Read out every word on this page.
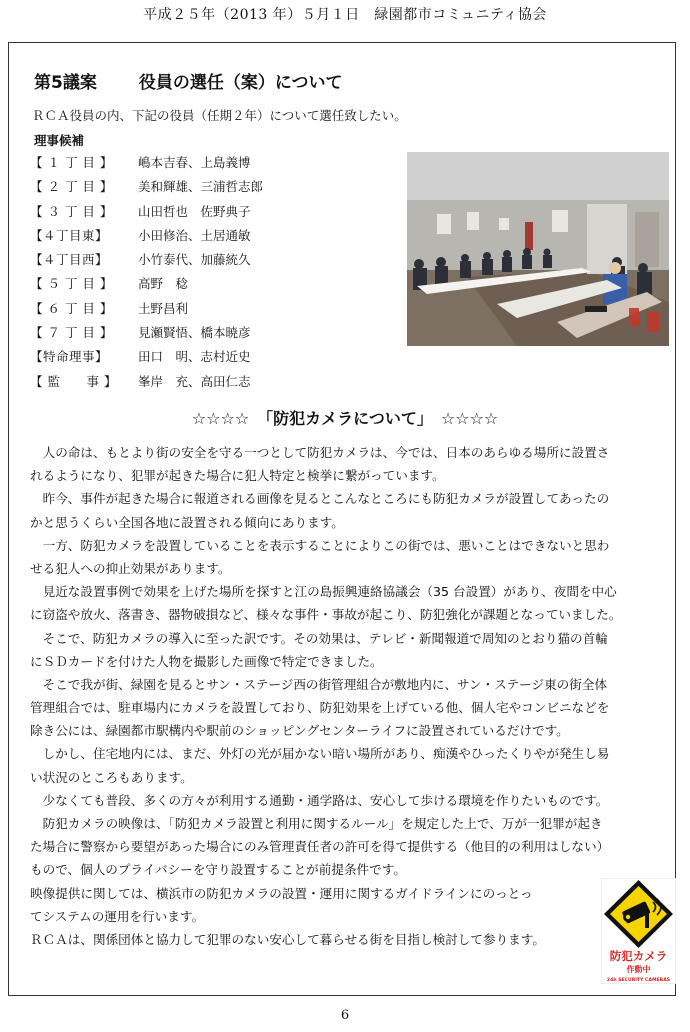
平成２５年（2013 年）５月１日　緑園都市コミュニティ協会
第5議案 役員の選任（案）について
ＲＣＡ役員の内、下記の役員（任期２年）について選任致したい。
理事候補
【 １ 丁 目 】	嶋本吉春、上島義博
【 ２ 丁 目 】	美和輝雄、三浦哲志郎
【 ３ 丁 目 】	山田哲也　佐野典子
【４丁目東】	小田修治、土居通敏
【４丁目西】	小竹泰代、加藤統久
【 ５ 丁 目 】	高野　稔
【 ６ 丁 目 】	土野昌利
【 ７ 丁 目 】	見瀬賢悟、橋本暁彦
【特命理事】	田口　明、志村近史
【 監　　事 】	峯岸　充、高田仁志
☆☆☆☆　「防犯カメラについて」　☆☆☆☆
　人の命は、もとより街の安全を守る一つとして防犯カメラは、今では、日本のあらゆる場所に設置さ
れるようになり、犯罪が起きた場合に犯人特定と検挙に繋がっています。
　昨今、事件が起きた場合に報道される画像を見るとこんなところにも防犯カメラが設置してあったの
かと思うくらい全国各地に設置される傾向にあります。
　一方、防犯カメラを設置していることを表示することによりこの街では、悪いことはできないと思わ
せる犯人への抑止効果があります。
　見近な設置事例で効果を上げた場所を探すと江の島振興連絡協議会（35 台設置）があり、夜間を中心
に窃盗や放火、落書き、器物破損など、様々な事件・事故が起こり、防犯強化が課題となっていました。
　そこで、防犯カメラの導入に至った訳です。その効果は、テレビ・新聞報道で周知のとおり猫の首輪
にＳＤカードを付けた人物を撮影した画像で特定できました。
　そこで我が街、緑園を見るとサン・ステージ西の街管理組合が敷地内に、サン・ステージ東の街全体
管理組合では、駐車場内にカメラを設置しており、防犯効果を上げている他、個人宅やコンビニなどを
除き公には、緑園都市駅構内や駅前のショッピングセンターライフに設置されているだけです。
　しかし、住宅地内には、まだ、外灯の光が届かない暗い場所があり、痴漢やひったくりやが発生し易
い状況のところもあります。
　少なくても普段、多くの方々が利用する通勤・通学路は、安心して歩ける環境を作りたいものです。
　防犯カメラの映像は、「防犯カメラ設置と利用に関するルール」を規定した上で、万が一犯罪が起き
た場合に警察から要望があった場合にのみ管理責任者の許可を得て提供する（他目的の利用はしない）
もので、個人のプライバシーを守り設置することが前提条件です。
映像提供に関しては、横浜市の防犯カメラの設置・運用に関するガイドラインにのっとっ
てシステムの運用を行います。
ＲＣＡは、関係団体と協力して犯罪のない安心して暮らせる街を目指し検討して参ります。
防犯カメラ
作動中
24h SECURITY CAMERAS
6
